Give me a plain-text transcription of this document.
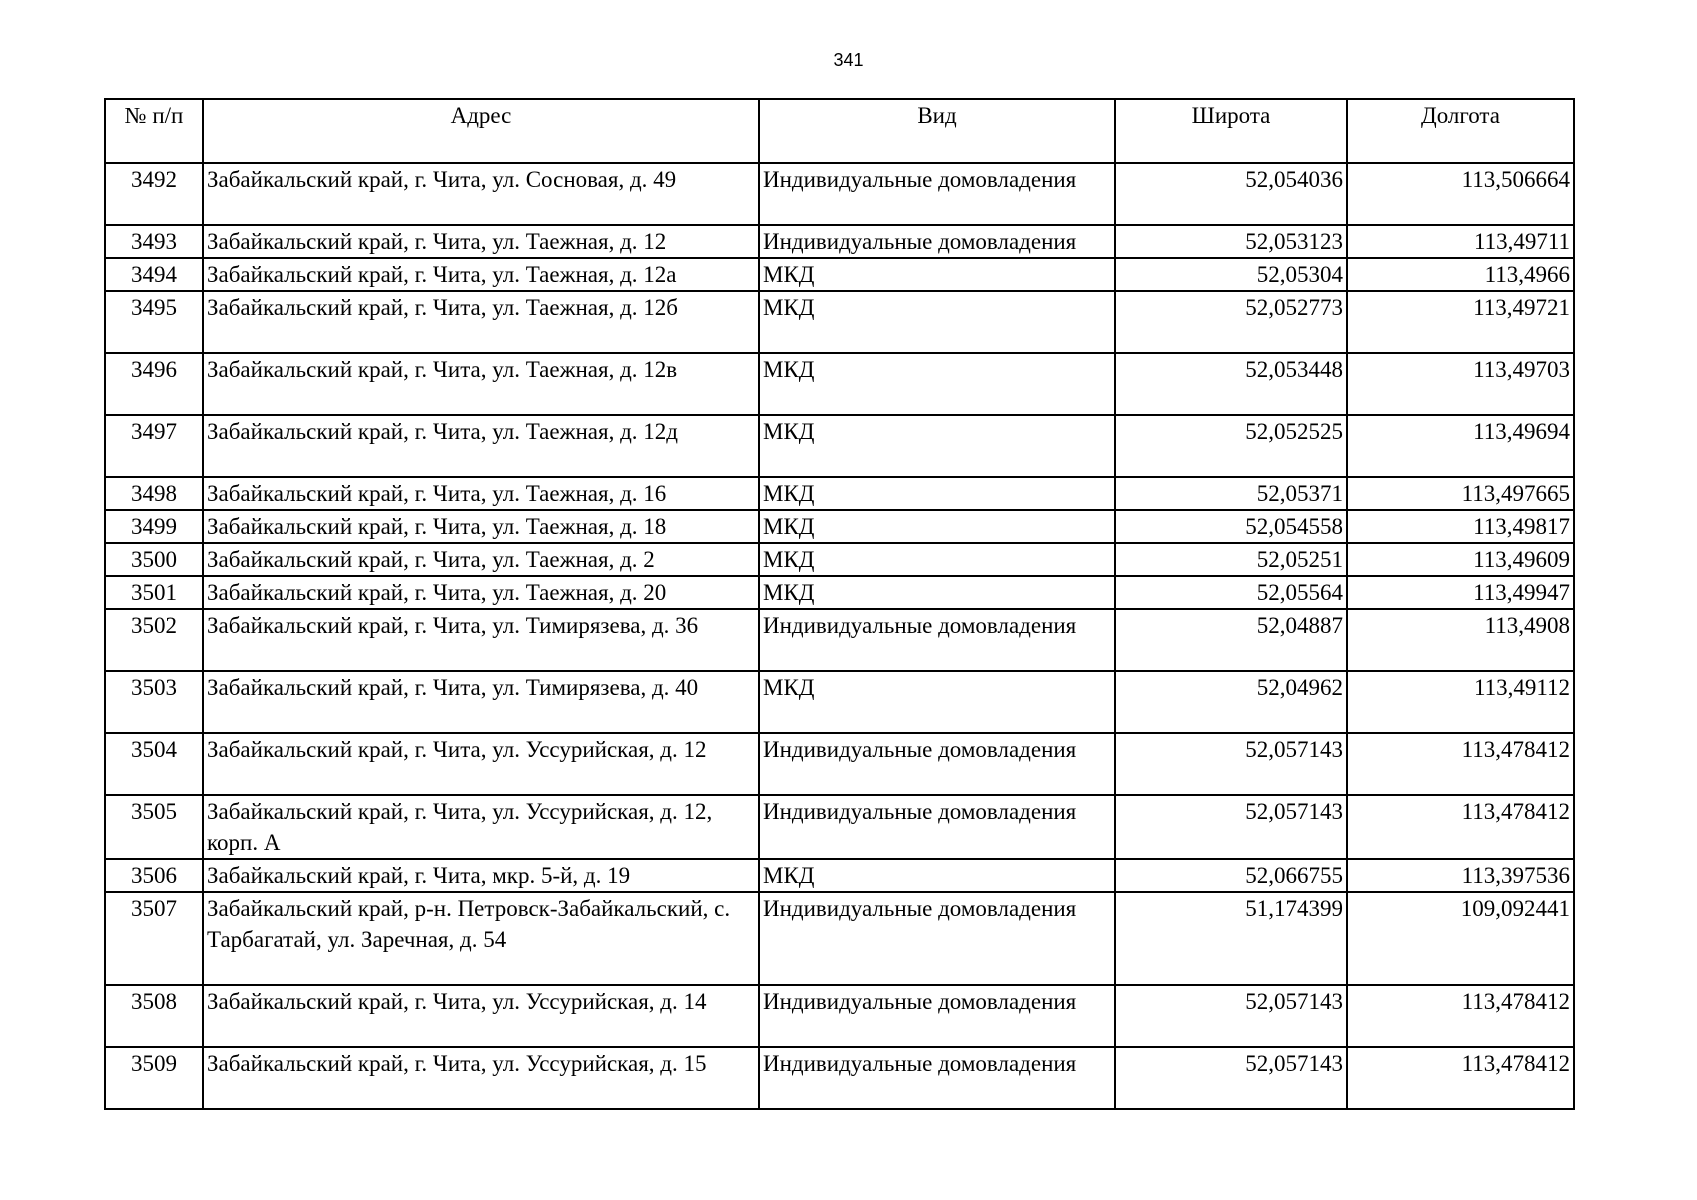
341
№ п/п	Адрес	Вид	Широта	Долгота
3492	Забайкальский край, г. Чита, ул. Сосновая, д. 49	Индивидуальные домовладения	52,054036	113,506664
3493	Забайкальский край, г. Чита, ул. Таежная, д. 12	Индивидуальные домовладения	52,053123	113,49711
3494	Забайкальский край, г. Чита, ул. Таежная, д. 12а	МКД	52,05304	113,4966
3495	Забайкальский край, г. Чита, ул. Таежная, д. 12б	МКД	52,052773	113,49721
3496	Забайкальский край, г. Чита, ул. Таежная, д. 12в	МКД	52,053448	113,49703
3497	Забайкальский край, г. Чита, ул. Таежная, д. 12д	МКД	52,052525	113,49694
3498	Забайкальский край, г. Чита, ул. Таежная, д. 16	МКД	52,05371	113,497665
3499	Забайкальский край, г. Чита, ул. Таежная, д. 18	МКД	52,054558	113,49817
3500	Забайкальский край, г. Чита, ул. Таежная, д. 2	МКД	52,05251	113,49609
3501	Забайкальский край, г. Чита, ул. Таежная, д. 20	МКД	52,05564	113,49947
3502	Забайкальский край, г. Чита, ул. Тимирязева, д. 36	Индивидуальные домовладения	52,04887	113,4908
3503	Забайкальский край, г. Чита, ул. Тимирязева, д. 40	МКД	52,04962	113,49112
3504	Забайкальский край, г. Чита, ул. Уссурийская, д. 12	Индивидуальные домовладения	52,057143	113,478412
3505	Забайкальский край, г. Чита, ул. Уссурийская, д. 12, корп. А	Индивидуальные домовладения	52,057143	113,478412
3506	Забайкальский край, г. Чита, мкр. 5-й, д. 19	МКД	52,066755	113,397536
3507	Забайкальский край, р-н. Петровск-Забайкальский, с. Тарбагатай, ул. Заречная, д. 54	Индивидуальные домовладения	51,174399	109,092441
3508	Забайкальский край, г. Чита, ул. Уссурийская, д. 14	Индивидуальные домовладения	52,057143	113,478412
3509	Забайкальский край, г. Чита, ул. Уссурийская, д. 15	Индивидуальные домовладения	52,057143	113,478412
